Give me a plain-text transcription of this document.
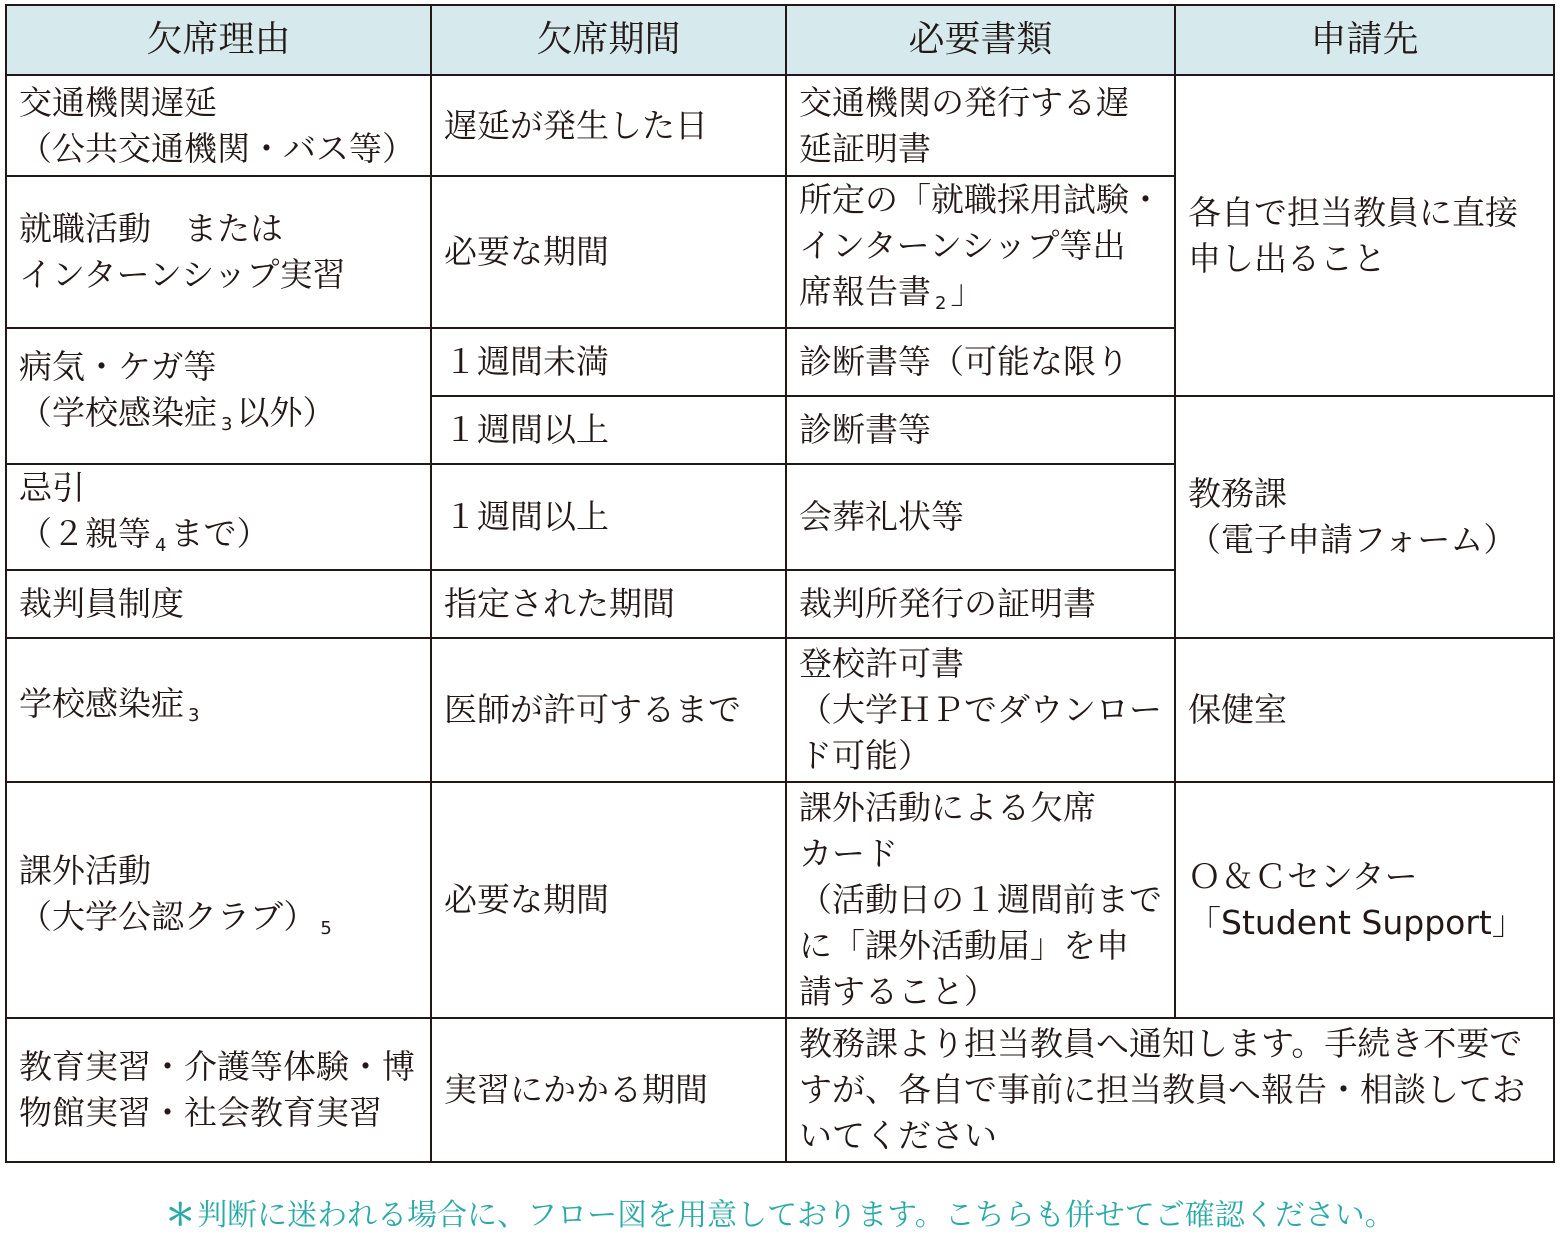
欠席理由	欠席期間	必要書類	申請先

交通機関遅延
（公共交通機関・バス等）	遅延が発生した日	交通機関の発行する遅
延証明書	各自で担当教員に直接
申し出ること

就職活動　または
インターンシップ実習	必要な期間	所定の「就職採用試験・
インターンシップ等出
席報告書 $_2$ 」	

病気・ケガ等
（学校感染症 $_3$ 以外）	１週間未満	診断書等（可能な限り	
	１週間以上	診断書等	教務課
（電子申請フォーム）

忌引
（２親等 $_4$ まで）	１週間以上	会葬礼状等	
裁判員制度	指定された期間	裁判所発行の証明書	
学校感染症 $_3$	医師が許可するまで	登校許可書
（大学ＨＰでダウンロー
ド可能）	保健室

課外活動
（大学公認クラブ） $_5$	必要な期間	課外活動による欠席
カード
（活動日の１週間前まで
に「課外活動届」を申
請すること）	Ｏ＆Ｃセンター
「Student Support」

教育実習・介護等体験・博
物館実習・社会教育実習	実習にかかる期間	教務課より担当教員へ通知します。手続き不要で
すが、各自で事前に担当教員へ報告・相談してお
いてください	
＊判断に迷われる場合に、フロー図を用意しております。こちらも併せてご確認ください。
